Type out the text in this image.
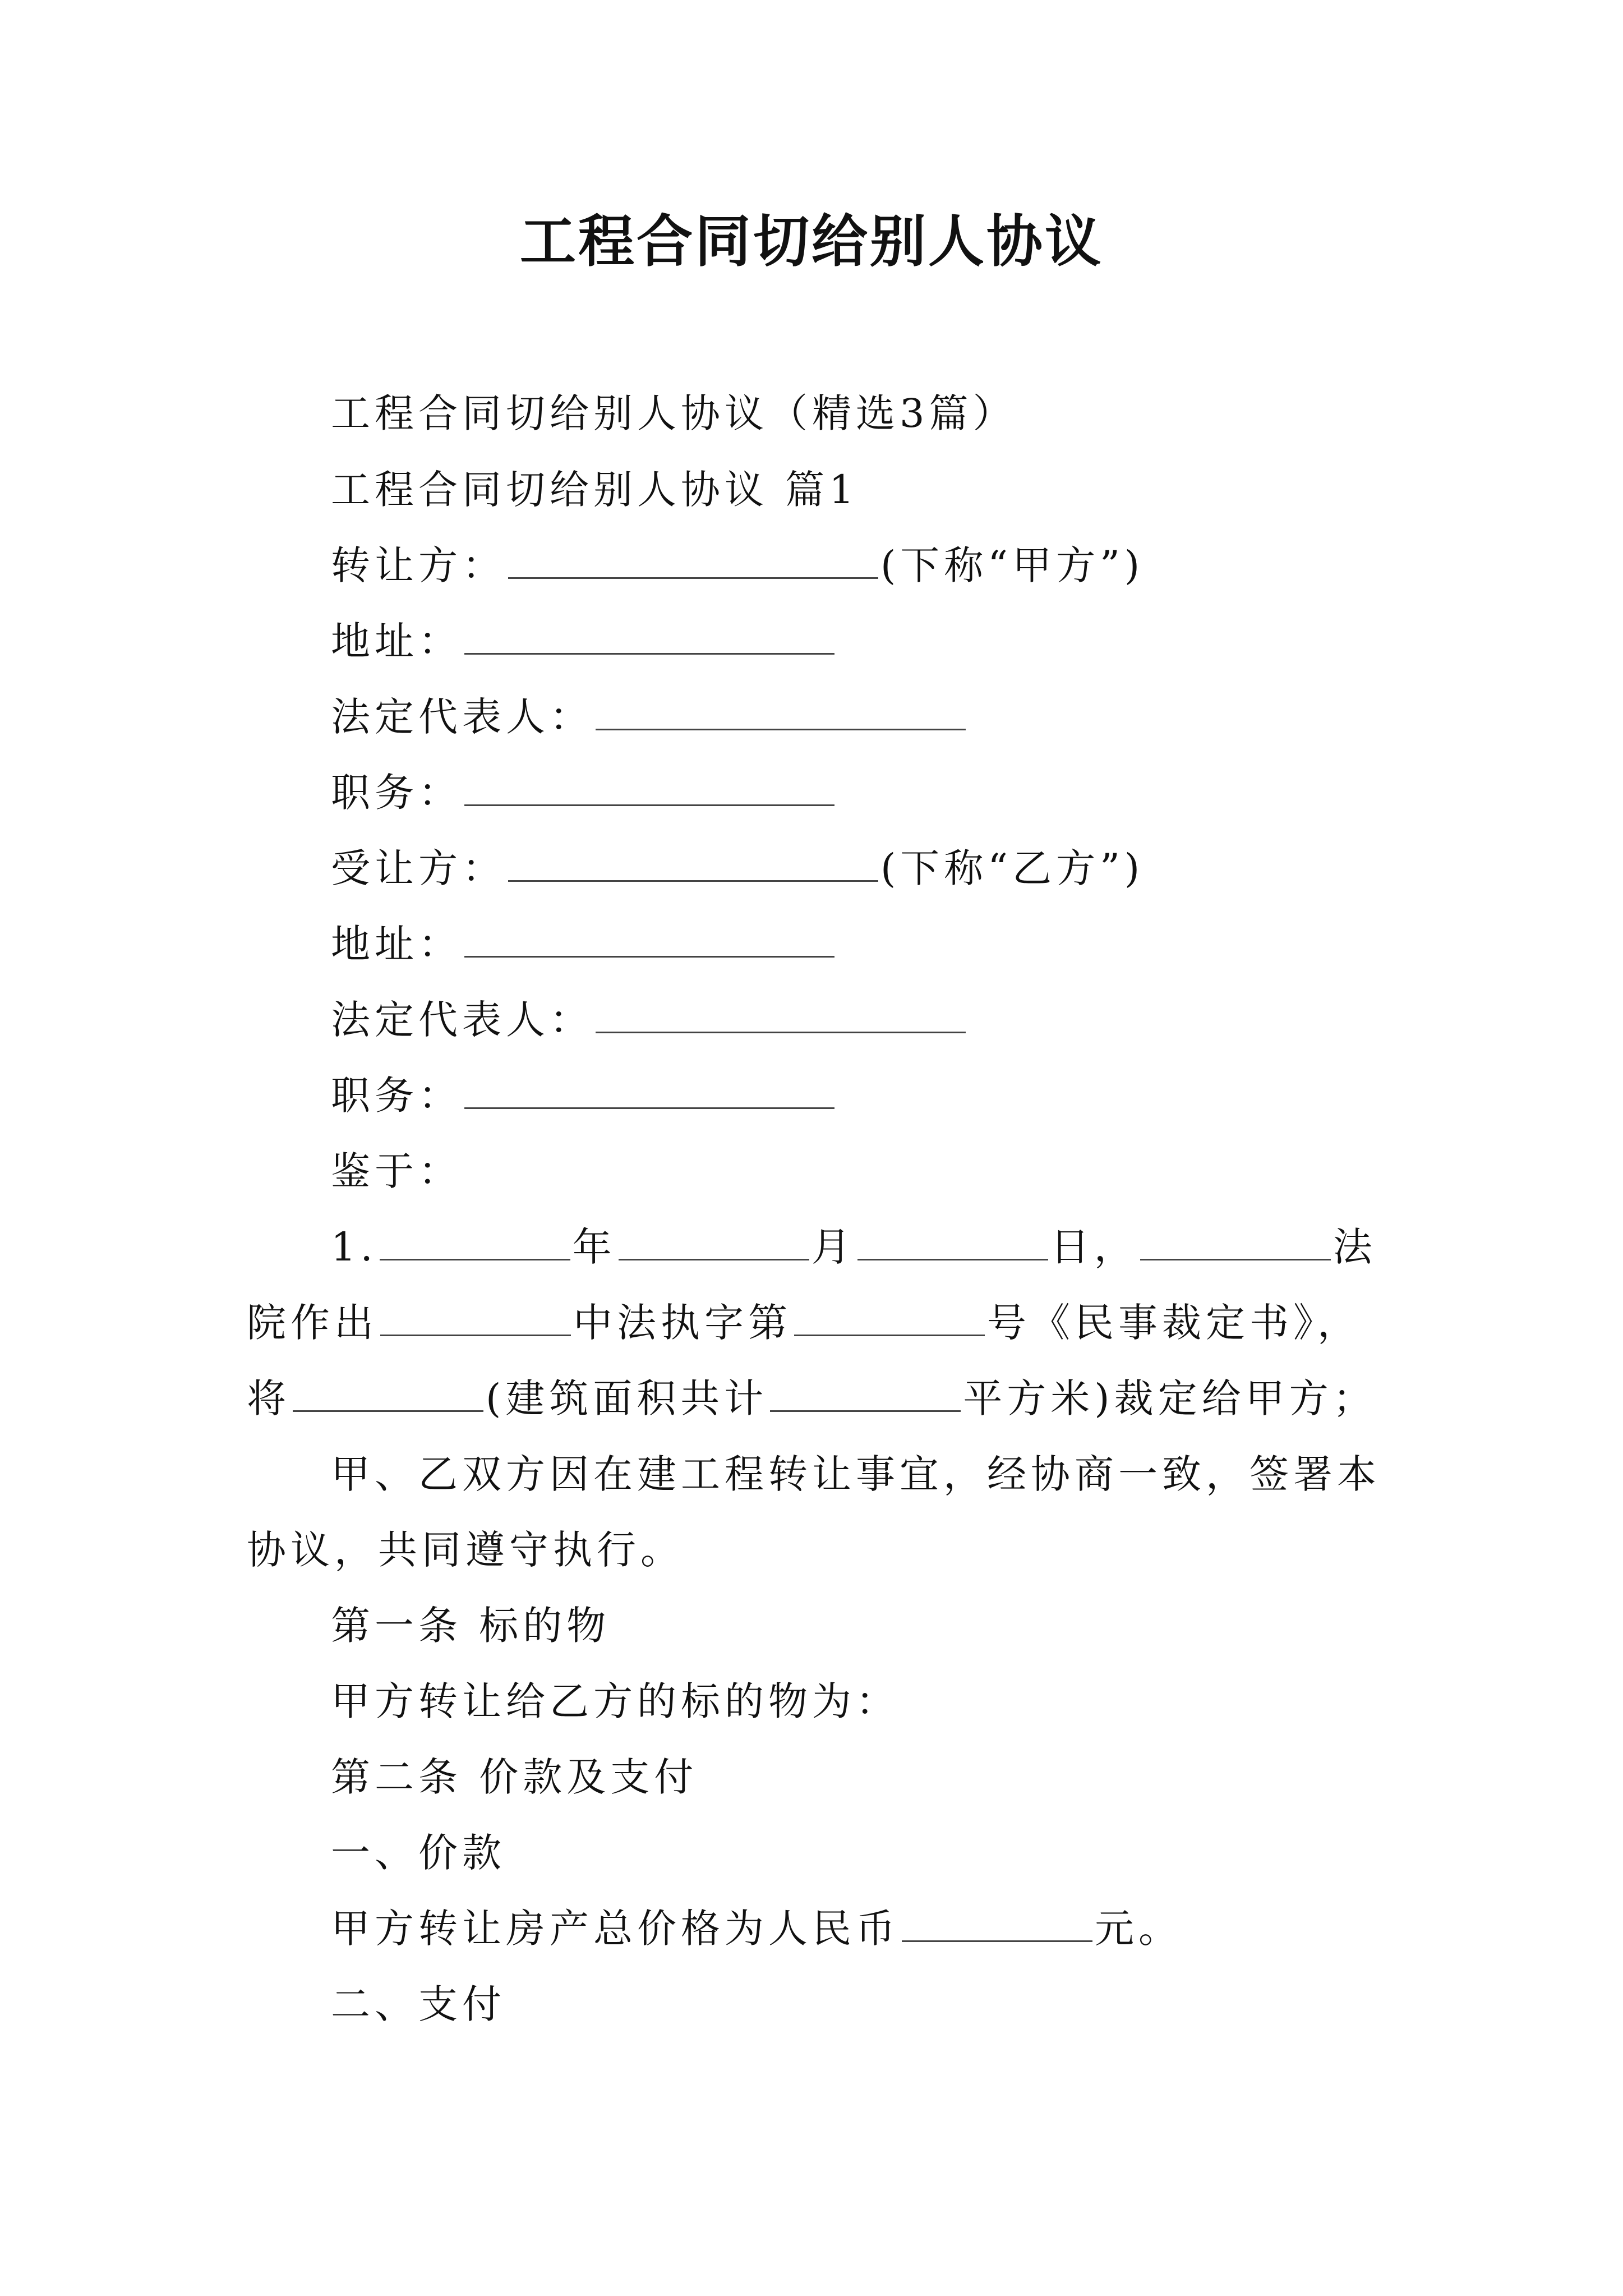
工程合同切给别人协议
工程合同切给别人协议（精选3篇）
工程合同切给别人协议 篇1
转让方：	(下称“甲方”)
地址：
法定代表人：
职务：
受让方：	(下称“乙方”)
地址：
法定代表人：
职务：
鉴于：
1.	年	月	日，	法
院作出	中法执字第	号《民事裁定书》，
将	(建筑面积共计	平方米)裁定给甲方；
甲、乙双方因在建工程转让事宜，经协商一致，签署本
协议，共同遵守执行。
第一条 标的物
甲方转让给乙方的标的物为：
第二条 价款及支付
一、价款
甲方转让房产总价格为人民币	元。
二、支付
